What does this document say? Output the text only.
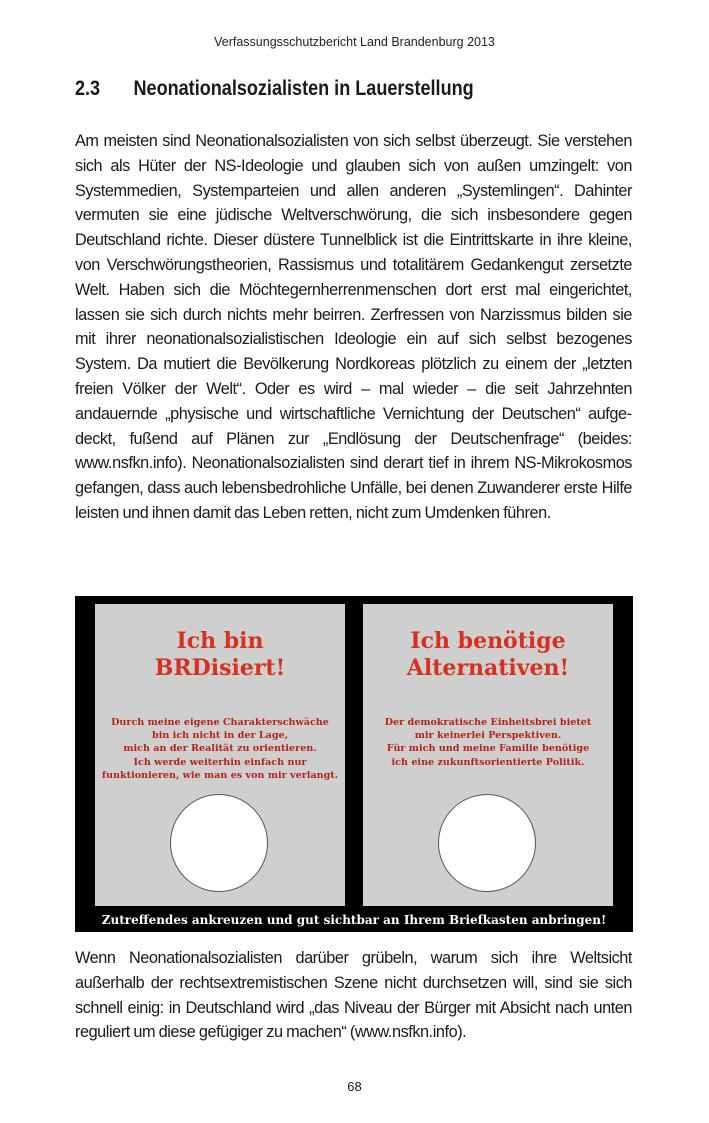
Verfassungsschutzbericht Land Brandenburg 2013
2.3	Neonationalsozialisten in Lauerstellung
Am meisten sind Neonationalsozialisten von sich selbst überzeugt. Sie verstehen sich als Hüter der NS-Ideologie und glauben sich von außen umzingelt: von Systemmedien, Systemparteien und allen anderen „Systemlingen“. Dahinter vermuten sie eine jüdische Weltverschwörung, die sich insbesondere gegen Deutschland richte. Dieser düstere Tunnelblick ist die Eintrittskarte in ihre kleine, von Verschwörungstheorien, Rassismus und totalitärem Gedankengut zersetzte Welt. Haben sich die Möchtegernherrenmenschen dort erst mal eingerichtet, lassen sie sich durch nichts mehr beirren. Zerfressen von Narzissmus bilden sie mit ihrer neonationalsozialistischen Ideologie ein auf sich selbst bezogenes System. Da mutiert die Bevölkerung Nordkoreas plötzlich zu einem der „letzten freien Völker der Welt“. Oder es wird – mal wieder – die seit Jahrzehnten andauernde „physische und wirtschaftliche Vernichtung der Deutschen“ aufgedeckt, fußend auf Plänen zur „Endlösung der Deutschenfrage“ (beides: www.nsfkn.info). Neonationalsozialisten sind derart tief in ihrem NS-Mikrokosmos gefangen, dass auch lebensbedrohliche Unfälle, bei denen Zuwanderer erste Hilfe leisten und ihnen damit das Leben retten, nicht zum Umdenken führen.
Ich bin
BRDisiert!
Durch meine eigene Charakterschwäche
bin ich nicht in der Lage,
mich an der Realität zu orientieren.
Ich werde weiterhin einfach nur
funktionieren, wie man es von mir verlangt.
Ich benötige
Alternativen!
Der demokratische Einheitsbrei bietet
mir keinerlei Perspektiven.
Für mich und meine Familie benötige
ich eine zukunftsorientierte Politik.
Zutreffendes ankreuzen und gut sichtbar an Ihrem Briefkasten anbringen!
Wenn Neonationalsozialisten darüber grübeln, warum sich ihre Weltsicht außerhalb der rechtsextremistischen Szene nicht durchsetzen will, sind sie sich schnell einig: in Deutschland wird „das Niveau der Bürger mit Absicht nach unten reguliert um diese gefügiger zu machen“ (www.nsfkn.info).
68
